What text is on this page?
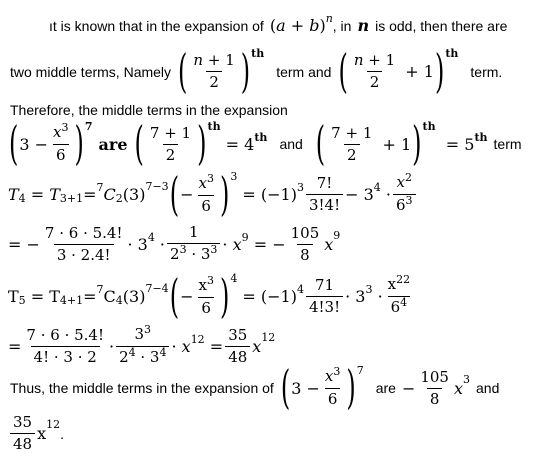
ıt is known that in the expansion of $(a + b)^n$ , in n is odd, then there are
two middle terms, Namely ( $\frac{n + 1}{2}$ ) th
term and ( $\frac{n + 1}{2} + 1$ ) th
term.
Therefore, the middle terms in the expansion
( $3 - \frac{x^3}{6}$ ) 7
are ( $\frac{7 + 1}{2}$ ) th
= 4th and ( $\frac{7 + 1}{2} + 1$ ) th
= 5th term
T 4 = T 3+1 = 7 C 2 (3) 7−3 ( − $\frac{x^3}{6}$ ) 3
= $(-1)^3 \frac{7!}{3!4!} - 3^4 \cdot \frac{x^2}{6^3}$
= − $\frac{7 \cdot 6 \cdot 5.4!}{3 \cdot 2.4!} \cdot 3^4 \cdot \frac{1}{2^3 \cdot 3^3} \cdot x^9$ = − $\frac{105}{8}$ x 9
T 5 = T 4+1 = 7 C 4 (3) 7−4 ( − $\frac{x^3}{6}$ ) 4
= $(-1)^4 \frac{71}{4!3!} \cdot 3^3 \cdot \frac{x^{22}}{6^4}$
= $\frac{7 \cdot 6 \cdot 5.4!}{4! \cdot 3 \cdot 2} \cdot \frac{3^3}{2^4 \cdot 3^4} \cdot x^{12} = \frac{35}{48}$ x 12
Thus, the middle terms in the expansion of ( $3 - \frac{x^3}{6}$ ) 7
are − $\frac{105}{8}$ x 3
and
$\frac{35}{48}$ x 12
.
